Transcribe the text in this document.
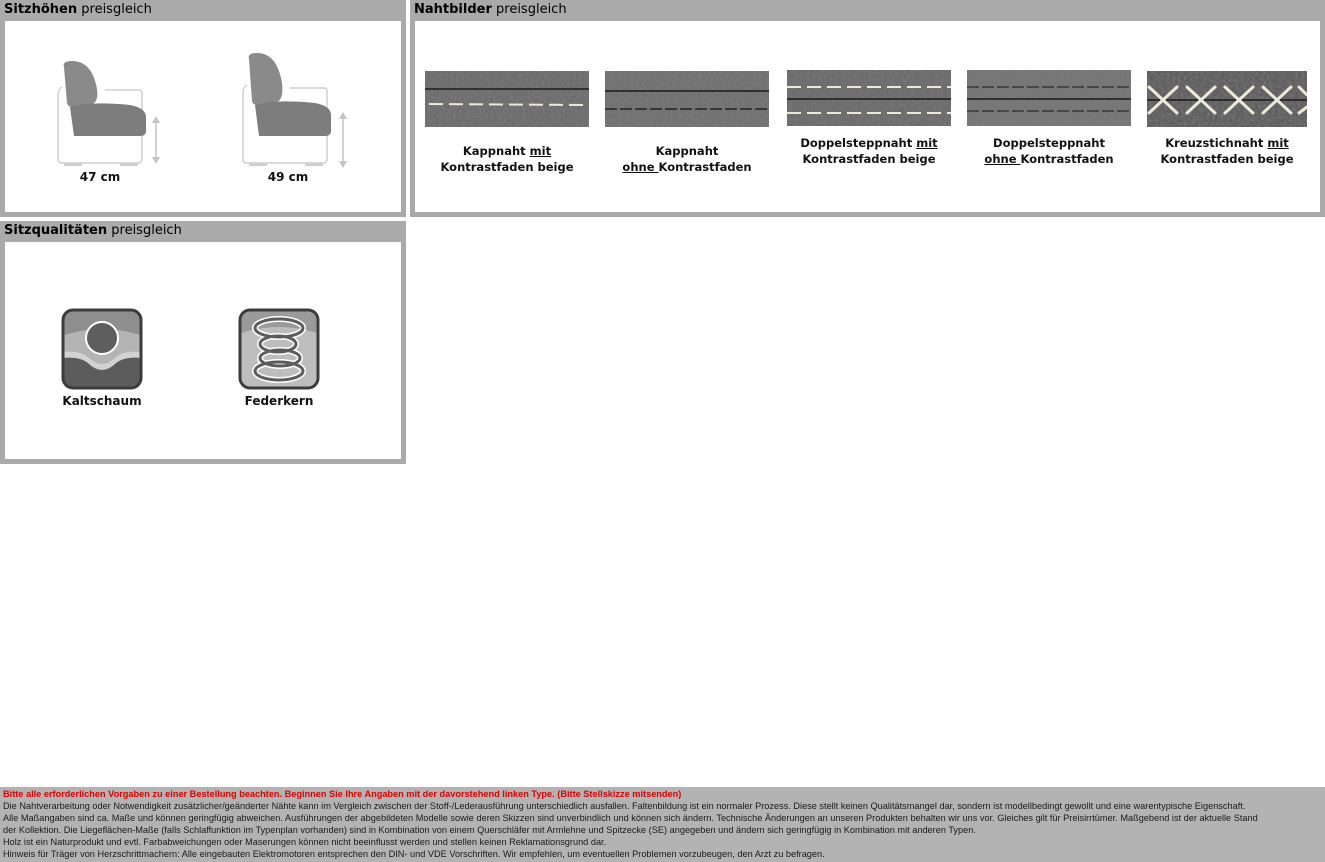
Sitzhöhen preisgleich
47 cm	49 cm
Nahtbilder preisgleich
Kappnaht mit
Kontrastfaden beige
Kappnaht
ohne Kontrastfaden
Doppelsteppnaht mit
Kontrastfaden beige
Doppelsteppnaht
ohne Kontrastfaden
Kreuzstichnaht mit
Kontrastfaden beige
Sitzqualitäten preisgleich
Kaltschaum	Federkern
Bitte alle erforderlichen Vorgaben zu einer Bestellung beachten. Beginnen Sie Ihre Angaben mit der davorstehend linken Type. (Bitte Stellskizze mitsenden)
Die Nahtverarbeitung oder Notwendigkeit zusätzlicher/geänderter Nähte kann im Vergleich zwischen der Stoff-/Lederausführung unterschiedlich ausfallen. Faltenbildung ist ein normaler Prozess. Diese stellt keinen Qualitätsmangel dar, sondern ist modellbedingt gewollt und eine warentypische Eigenschaft.
Alle Maßangaben sind ca. Maße und können geringfügig abweichen. Ausführungen der abgebildeten Modelle sowie deren Skizzen sind unverbindlich und können sich ändern. Technische Änderungen an unseren Produkten behalten wir uns vor. Gleiches gilt für Preisirrtümer. Maßgebend ist der aktuelle Stand
der Kollektion. Die Liegeflächen-Maße (falls Schlaffunktion im Typenplan vorhanden) sind in Kombination von einem Querschläfer mit Armlehne und Spitzecke (SE) angegeben und ändern sich geringfügig in Kombination mit anderen Typen.
Holz ist ein Naturprodukt und evtl. Farbabweichungen oder Maserungen können nicht beeinflusst werden und stellen keinen Reklamationsgrund dar.
Hinweis für Träger von Herzschrittmachern: Alle eingebauten Elektromotoren entsprechen den DIN- und VDE Vorschriften. Wir empfehlen, um eventuellen Problemen vorzubeugen, den Arzt zu befragen.
